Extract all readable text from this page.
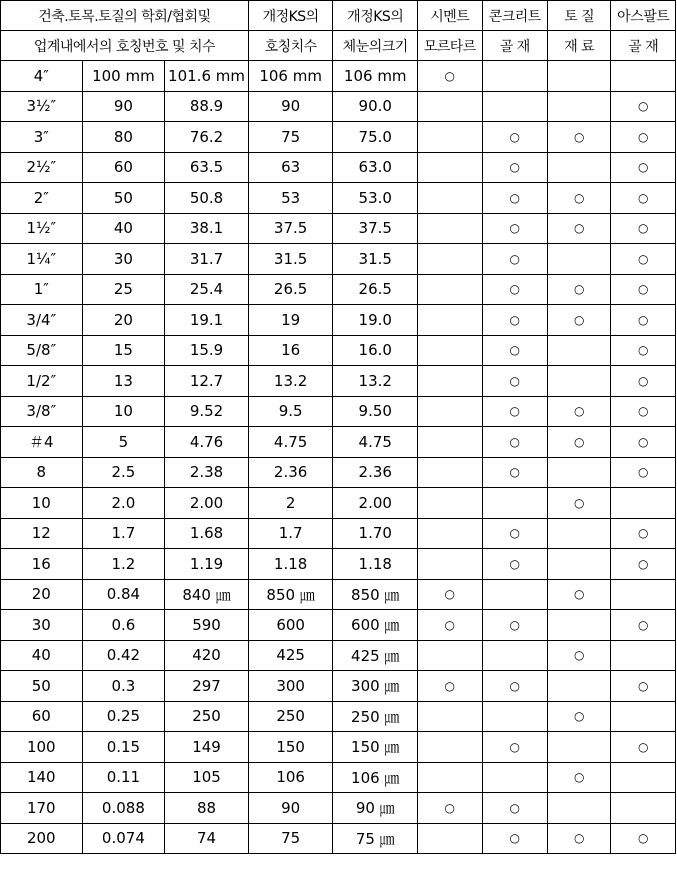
건축.토목.토질의 학회/협회및			개정KS의	개정KS의	시멘트	콘크리트	토 질	아스팔트
업계내에서의 호칭번호 및 치수			호칭치수	체눈의크기	모르타르	골 재	재 료	골 재
4″	100 mm	101.6 mm	106 mm	106 mm	○			
3½″	90	88.9	90	90.0				○
3″	80	76.2	75	75.0		○	○	○
2½″	60	63.5	63	63.0		○		○
2″	50	50.8	53	53.0		○	○	○
1½″	40	38.1	37.5	37.5		○	○	○
1¼″	30	31.7	31.5	31.5		○		○
1″	25	25.4	26.5	26.5		○	○	○
3/4″	20	19.1	19	19.0		○	○	○
5/8″	15	15.9	16	16.0		○		○
1/2″	13	12.7	13.2	13.2		○		○
3/8″	10	9.52	9.5	9.50		○	○	○
＃4	5	4.76	4.75	4.75		○	○	○
8	2.5	2.38	2.36	2.36		○		○
10	2.0	2.00	2	2.00			○	
12	1.7	1.68	1.7	1.70		○		○
16	1.2	1.19	1.18	1.18		○		○
20	0.84	840 ㎛	850 ㎛	850 ㎛	○		○	
30	0.6	590	600	600 ㎛	○	○		○
40	0.42	420	425	425 ㎛			○	
50	0.3	297	300	300 ㎛	○	○		○
60	0.25	250	250	250 ㎛			○	
100	0.15	149	150	150 ㎛		○		○
140	0.11	105	106	106 ㎛			○	
170	0.088	88	90	90 ㎛	○	○		
200	0.074	74	75	75 ㎛		○	○	○
